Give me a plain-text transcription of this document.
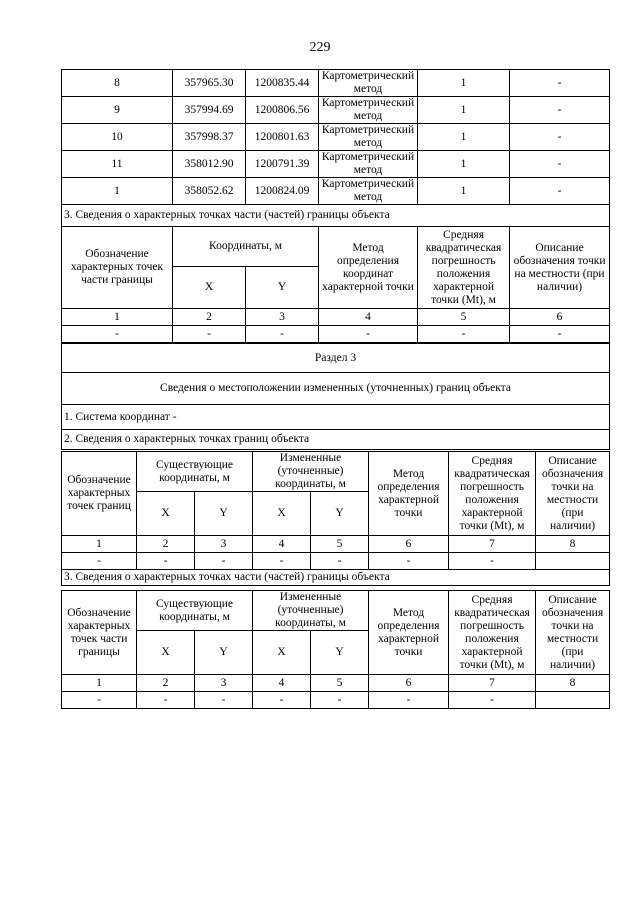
229
8	357965.30	1200835.44	Картометрический метод	1	-
9	357994.69	1200806.56	Картометрический метод	1	-
10	357998.37	1200801.63	Картометрический метод	1	-
11	358012.90	1200791.39	Картометрический метод	1	-
1	358052.62	1200824.09	Картометрический метод	1	-
3. Сведения о характерных точках части (частей) границы объекта					
Обозначение характерных точек части границы	Координаты, м		Метод определения координат характерной точки	Средняя квадратическая погрешность положения характерной точки (Mt), м	Описание обозначения точки на местности (при наличии)
	X	Y			
1	2	3	4	5	6
-	-	-	-	-	-
Раздел 3
Сведения о местоположении измененных (уточненных) границ объекта
1. Система координат -
2. Сведения о характерных точках границ объекта
Обозначение характерных точек границ	Существующие координаты, м		Измененные (уточненные) координаты, м		Метод определения характерной точки	Средняя квадратическая погрешность положения характерной точки (Mt), м	Описание обозначения точки на местности (при наличии)
	X	Y	X	Y			
1	2	3	4	5	6	7	8
-	-	-	-	-	-	-	
3. Сведения о характерных точках части (частей) границы объекта							
Обозначение характерных точек части границы	Существующие координаты, м		Измененные (уточненные) координаты, м		Метод определения характерной точки	Средняя квадратическая погрешность положения характерной точки (Mt), м	Описание обозначения точки на местности (при наличии)
	X	Y	X	Y			
1	2	3	4	5	6	7	8
-	-	-	-	-	-	-	
